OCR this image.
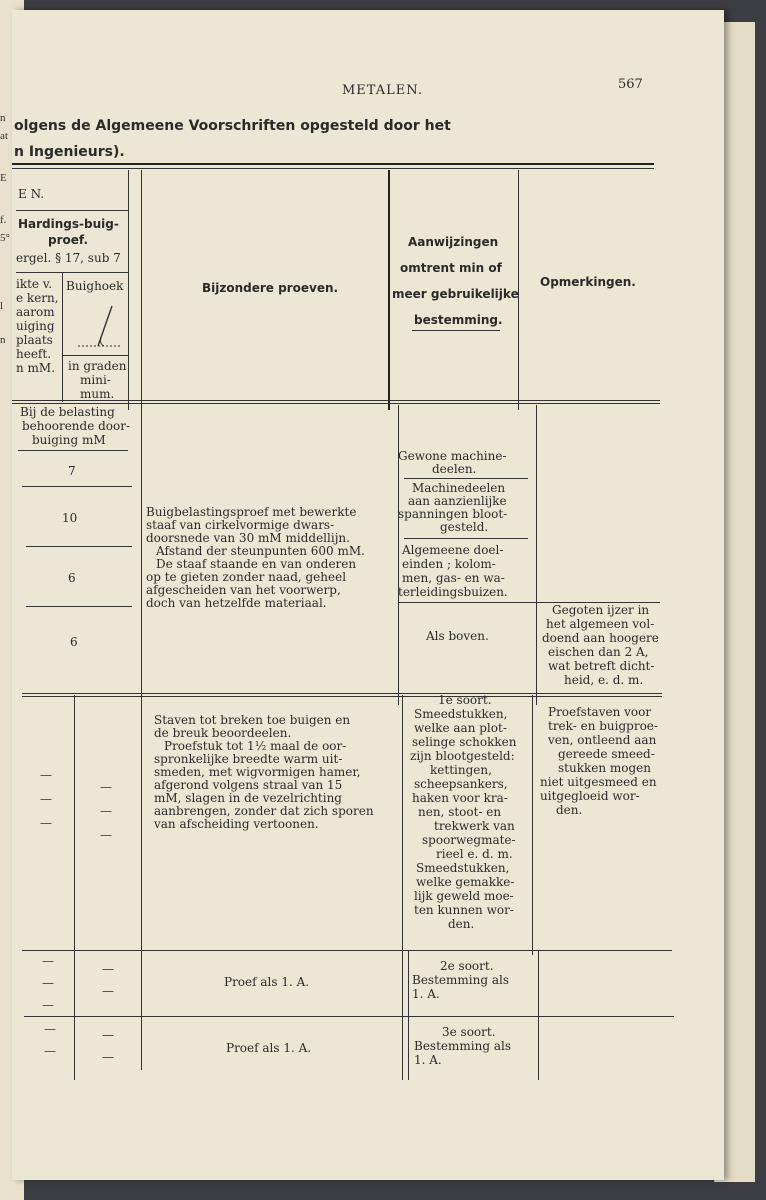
n
at
E
f.
5°
l
n
METALEN.	567
olgens de Algemeene Voorschriften opgesteld door het
n Ingenieurs).
E N.
Hardings-buig-
proef.
ergel. § 17, sub 7
ikte v.
e kern,
aarom
uiging
plaats
heeft.
n mM.
Buighoek
in graden
mini-
mum.
Bijzondere proeven.
Aanwijzingen
omtrent min of
meer gebruikelijke
bestemming.
Opmerkingen.
Bij de belasting
behoorende door-
buiging mM
7
10
6
6
Buigbelastingsproef met bewerkte
staaf van cirkelvormige dwars-
doorsnede van 30 mM middellijn.
Afstand der steunpunten 600 mM.
De staaf staande en van onderen
op te gieten zonder naad, geheel
afgescheiden van het voorwerp,
doch van hetzelfde materiaal.
Gewone machine-
deelen.
Machinedeelen
aan aanzienlijke
spanningen bloot-
gesteld.
Algemeene doel-
einden ; kolom-
men, gas- en wa-
terleidingsbuizen.
Als boven.
Gegoten ijzer in
het algemeen vol-
doend aan hoogere
eischen dan 2 A,
wat betreft dicht-
heid, e. d. m.
—
—
—
—
—
—
Staven tot breken toe buigen en
de breuk beoordeelen.
Proefstuk tot 1½ maal de oor-
spronkelijke breedte warm uit-
smeden, met wigvormigen hamer,
afgerond volgens straal van 15
mM, slagen in de vezelrichting
aanbrengen, zonder dat zich sporen
van afscheiding vertoonen.
1e soort.
Smeedstukken,
welke aan plot-
selinge schokken
zijn blootgesteld:
kettingen,
scheepsankers,
haken voor kra-
nen, stoot- en
trekwerk van
spoorwegmate-
rieel e. d. m.
Smeedstukken,
welke gemakke-
lijk geweld moe-
ten kunnen wor-
den.
Proefstaven voor
trek- en buigproe-
ven, ontleend aan
gereede smeed-
stukken mogen
niet uitgesmeed en
uitgegloeid wor-
den.
—
—
—
—
—
Proef als 1. A.
2e soort.
Bestemming als
1. A.
—
—
—
—
Proef als 1. A.
3e soort.
Bestemming als
1. A.
